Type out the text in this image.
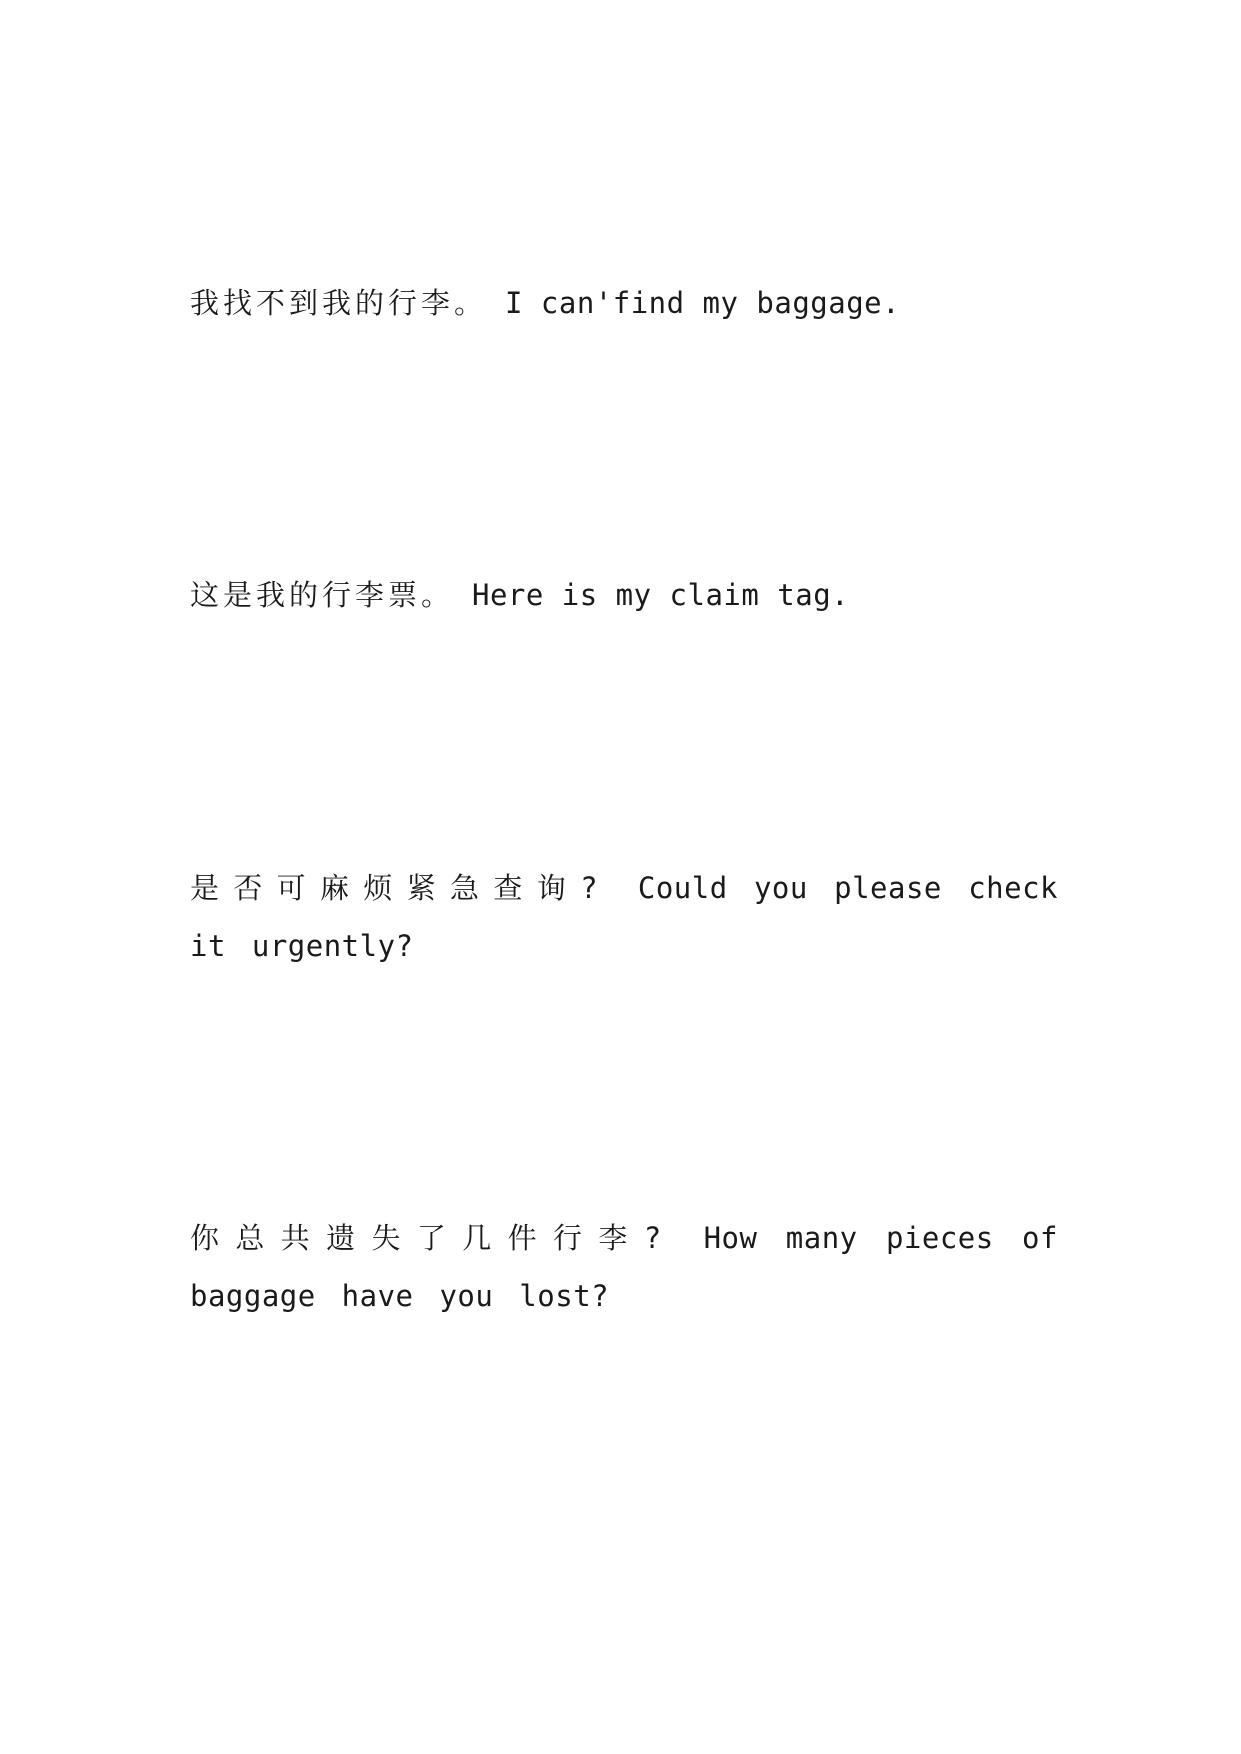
我找不到我的行李。 I can'find my baggage.

这是我的行李票。 Here is my claim tag.

是否可麻烦紧急查询? Could you please check it urgently?

你总共遗失了几件行李? How many pieces of baggage have you lost?
